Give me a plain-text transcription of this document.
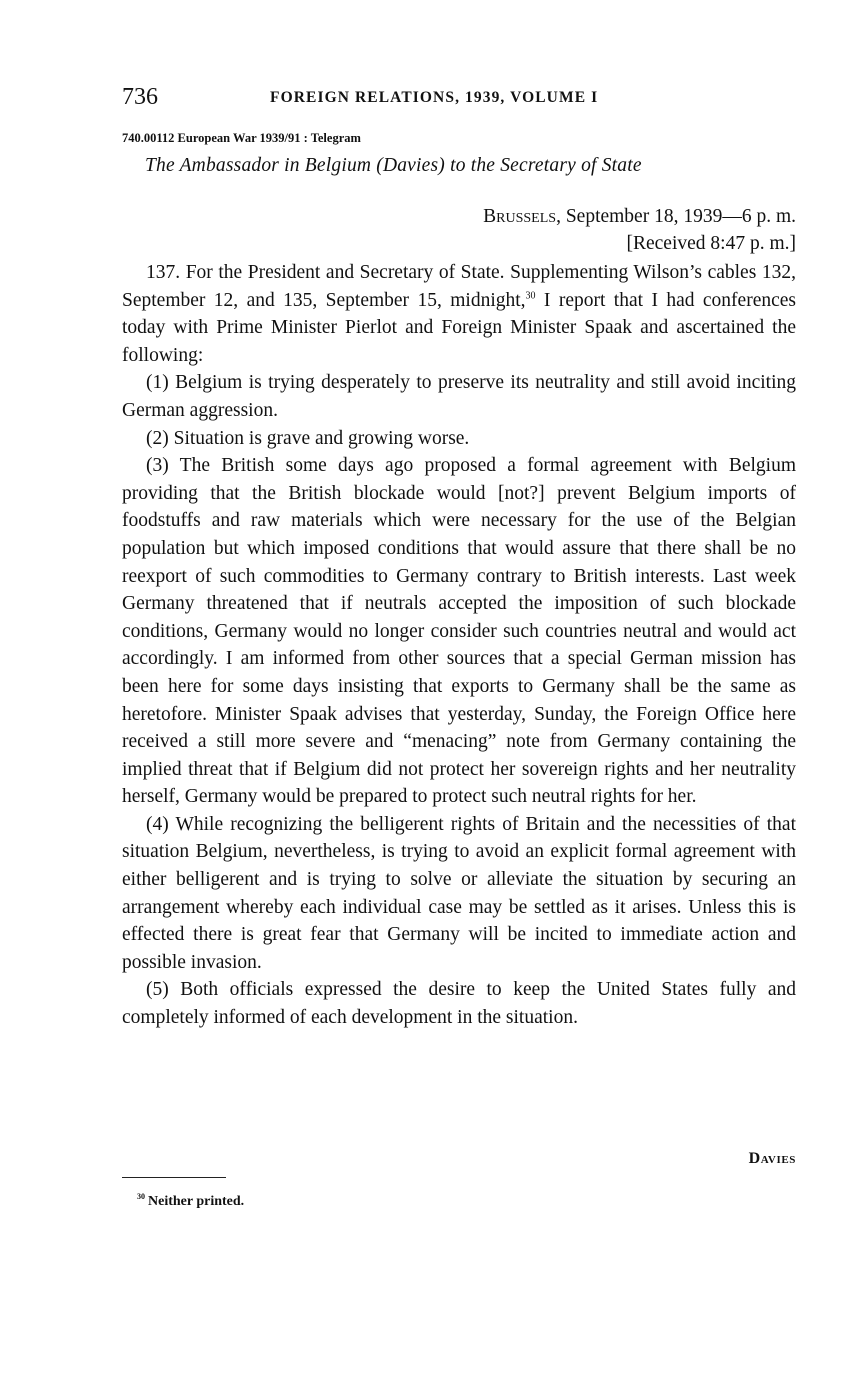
736	FOREIGN RELATIONS, 1939, VOLUME I
740.00112 European War 1939/91 : Telegram
The Ambassador in Belgium (Davies) to the Secretary of State
Brussels, September 18, 1939—6 p. m.
[Received 8:47 p. m.]

137. For the President and Secretary of State. Supplementing Wilson’s cables 132, September 12, and 135, September 15, midnight,$^{30}$ I report that I had conferences today with Prime Minister Pierlot and Foreign Minister Spaak and ascertained the following:

(1) Belgium is trying desperately to preserve its neutrality and still avoid inciting German aggression.

(2) Situation is grave and growing worse.

(3) The British some days ago proposed a formal agreement with Belgium providing that the British blockade would [not?] prevent Belgium imports of foodstuffs and raw materials which were necessary for the use of the Belgian population but which imposed conditions that would assure that there shall be no reexport of such commodities to Germany contrary to British interests. Last week Germany threatened that if neutrals accepted the imposition of such blockade conditions, Germany would no longer consider such countries neutral and would act accordingly. I am informed from other sources that a special German mission has been here for some days insisting that exports to Germany shall be the same as heretofore. Minister Spaak advises that yesterday, Sunday, the Foreign Office here received a still more severe and “menacing” note from Germany containing the implied threat that if Belgium did not protect her sovereign rights and her neutrality herself, Germany would be prepared to protect such neutral rights for her.

(4) While recognizing the belligerent rights of Britain and the necessities of that situation Belgium, nevertheless, is trying to avoid an explicit formal agreement with either belligerent and is trying to solve or alleviate the situation by securing an arrangement whereby each individual case may be settled as it arises. Unless this is effected there is great fear that Germany will be incited to immediate action and possible invasion.

(5) Both officials expressed the desire to keep the United States fully and completely informed of each development in the situation.

Davies
$^{30}$ Neither printed.
